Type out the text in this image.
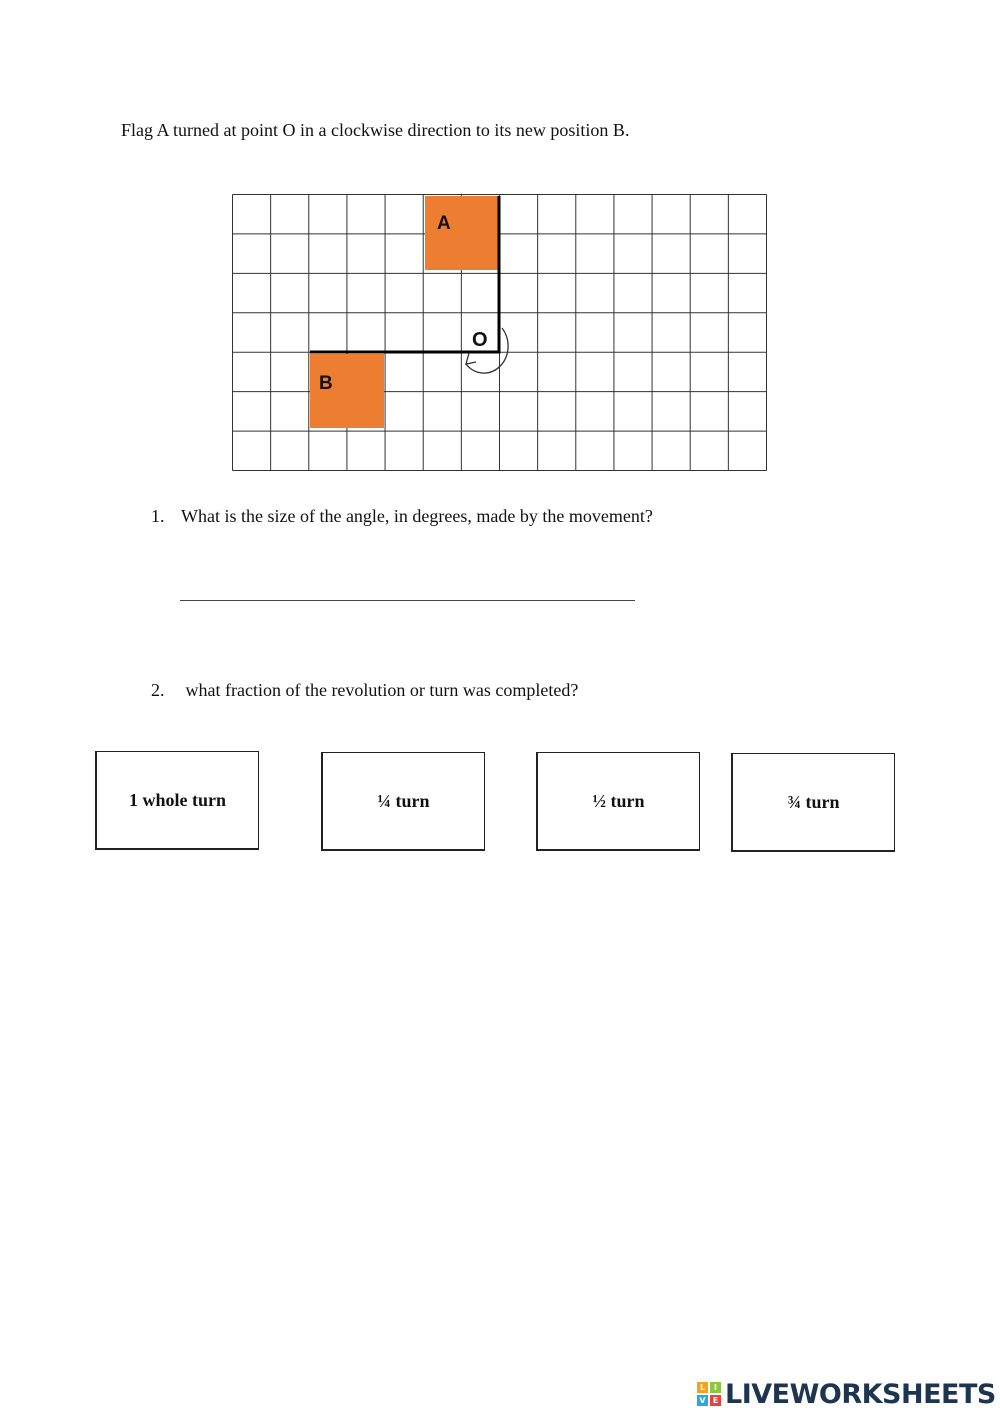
Flag A turned at point O in a clockwise direction to its new position B.

A
B
O

1. What is the size of the angle, in degrees, made by the movement?

2. what fraction of the revolution or turn was completed?

1 whole turn	¼ turn	½ turn	¾ turn
L	I
V E LIVEWORKSHEETS
